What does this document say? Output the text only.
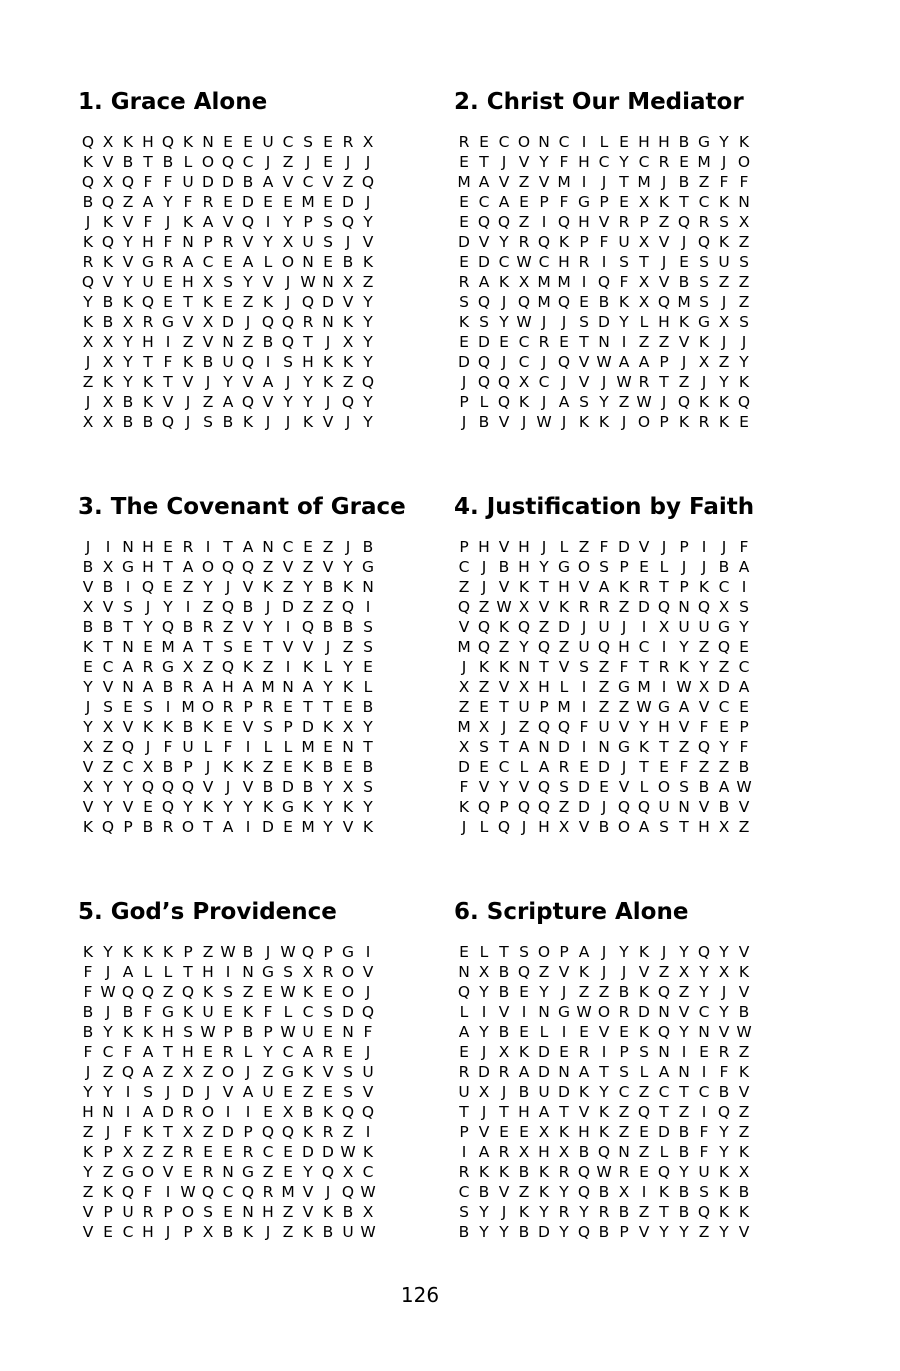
1. Grace Alone
Q X K H Q K N E E U C S E R X
K V B T B L O Q C J Z J E J J
Q X Q F F U D D B A V C V Z Q
B Q Z A Y F R E D E E M E D J
J K V F J K A V Q I Y P S Q Y
K Q Y H F N P R V Y X U S J V
R K V G R A C E A L O N E B K
Q V Y U E H X S Y V J W N X Z
Y B K Q E T K E Z K J Q D V Y
K B X R G V X D J Q Q R N K Y
X X Y H I Z V N Z B Q T J X Y
J X Y T F K B U Q I S H K K Y
Z K Y K T V J Y V A J Y K Z Q
J X B K V J Z A Q V Y Y J Q Y
X X B B Q J S B K J J K V J Y
2. Christ Our Mediator
R E C O N C I L E H H B G Y K
E T J V Y F H C Y C R E M J O
M A V Z V M I J T M J B Z F F
E C A E P F G P E X K T C K N
E Q Q Z I Q H V R P Z Q R S X
D V Y R Q K P F U X V J Q K Z
E D C W C H R I S T J E S U S
R A K X M M I Q F X V B S Z Z
S Q J Q M Q E B K X Q M S J Z
K S Y W J J S D Y L H K G X S
E D E C R E T N I Z Z V K J J
D Q J C J Q V W A A P J X Z Y
J Q Q X C J V J W R T Z J Y K
P L Q K J A S Y Z W J Q K K Q
J B V J W J K K J O P K R K E
3. The Covenant of Grace
J I N H E R I T A N C E Z J B
B X G H T A O Q Q Z V Z V Y G
V B I Q E Z Y J V K Z Y B K N
X V S J Y I Z Q B J D Z Z Q I
B B T Y Q B R Z V Y I Q B B S
K T N E M A T S E T V V J Z S
E C A R G X Z Q K Z I K L Y E
Y V N A B R A H A M N A Y K L
J S E S I M O R P R E T T E B
Y X V K K B K E V S P D K X Y
X Z Q J F U L F I L L M E N T
V Z C X B P J K K Z E K B E B
X Y Y Q Q Q V J V B D B Y X S
V Y V E Q Y K Y Y K G K Y K Y
K Q P B R O T A I D E M Y V K
4. Justification by Faith
P H V H J L Z F D V J P I J F
C J B H Y G O S P E L J J B A
Z J V K T H V A K R T P K C I
Q Z W X V K R R Z D Q N Q X S
V Q K Q Z D J U J I X U U G Y
M Q Z Y Q Z U Q H C I Y Z Q E
J K K N T V S Z F T R K Y Z C
X Z V X H L I Z G M I W X D A
Z E T U P M I Z Z W G A V C E
M X J Z Q Q F U V Y H V F E P
X S T A N D I N G K T Z Q Y F
D E C L A R E D J T E F Z Z B
F V Y V Q S D E V L O S B A W
K Q P Q Q Z D J Q Q U N V B V
J L Q J H X V B O A S T H X Z
5. God’s Providence
K Y K K K P Z W B J W Q P G I
F J A L L T H I N G S X R O V
F W Q Q Z Q K S Z E W K E O J
B J B F G K U E K F L C S D Q
B Y K K H S W P B P W U E N F
F C F A T H E R L Y C A R E J
J Z Q A Z X Z O J Z G K V S U
Y Y I S J D J V A U E Z E S V
H N I A D R O I I E X B K Q Q
Z J F K T X Z D P Q Q K R Z I
K P X Z Z R E E R C E D D W K
Y Z G O V E R N G Z E Y Q X C
Z K Q F I W Q C Q R M V J Q W
V P U R P O S E N H Z V K B X
V E C H J P X B K J Z K B U W
6. Scripture Alone
E L T S O P A J Y K J Y Q Y V
N X B Q Z V K J J V Z X Y X K
Q Y B E Y J Z Z B K Q Z Y J V
L I V I N G W O R D N V C Y B
A Y B E L I E V E K Q Y N V W
E J X K D E R I P S N I E R Z
R D R A D N A T S L A N I F K
U X J B U D K Y C Z C T C B V
T J T H A T V K Z Q T Z I Q Z
P V E E X K H K Z E D B F Y Z
I A R X H X B Q N Z L B F Y K
R K K B K R Q W R E Q Y U K X
C B V Z K Y Q B X I K B S K B
S Y J K Y R Y R B Z T B Q K K
B Y Y B D Y Q B P V Y Y Z Y V
126
